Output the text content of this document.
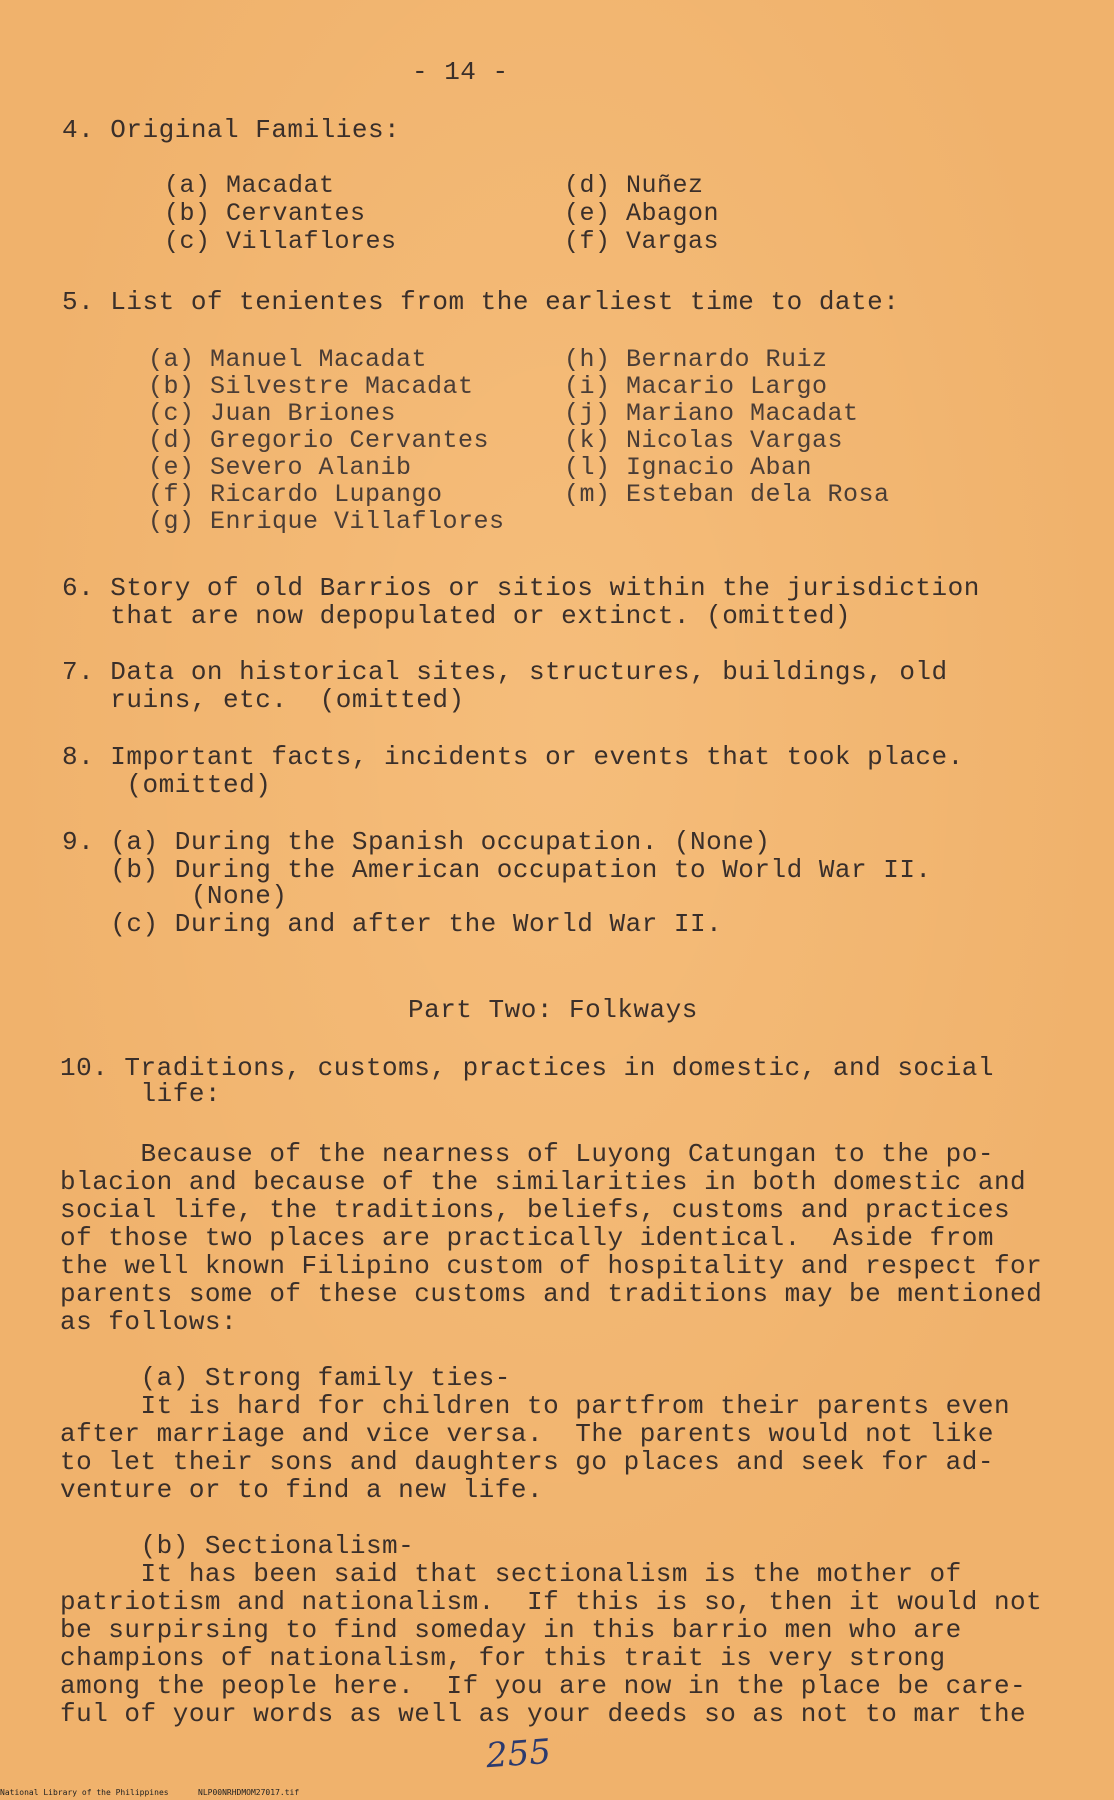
- 14 -
4. Original Families:
(a) Macadat
(b) Cervantes
(c) Villaflores
(d) Nuñez
(e) Abagon
(f) Vargas
5. List of tenientes from the earliest time to date:
(a) Manuel Macadat
(b) Silvestre Macadat
(c) Juan Briones
(d) Gregorio Cervantes
(e) Severo Alanib
(f) Ricardo Lupango
(g) Enrique Villaflores
(h) Bernardo Ruiz
(i) Macario Largo
(j) Mariano Macadat
(k) Nicolas Vargas
(l) Ignacio Aban
(m) Esteban dela Rosa
6. Story of old Barrios or sitios within the jurisdiction
that are now depopulated or extinct. (omitted)
7. Data on historical sites, structures, buildings, old
ruins, etc.  (omitted)
8. Important facts, incidents or events that took place.
(omitted)
9. (a) During the Spanish occupation. (None)
(b) During the American occupation to World War II.
(None)
(c) During and after the World War II.
Part Two: Folkways
10. Traditions, customs, practices in domestic, and social
life:
Because of the nearness of Luyong Catungan to the po-
blacion and because of the similarities in both domestic and
social life, the traditions, beliefs, customs and practices
of those two places are practically identical.  Aside from
the well known Filipino custom of hospitality and respect for
parents some of these customs and traditions may be mentioned
as follows:
(a) Strong family ties-
It is hard for children to partfrom their parents even
after marriage and vice versa.  The parents would not like
to let their sons and daughters go places and seek for ad-
venture or to find a new life.
(b) Sectionalism-
It has been said that sectionalism is the mother of
patriotism and nationalism.  If this is so, then it would not
be surpirsing to find someday in this barrio men who are
champions of nationalism, for this trait is very strong
among the people here.  If you are now in the place be care-
ful of your words as well as your deeds so as not to mar the
255
National Library of the Philippines	NLP00NRHDMOM27017.tif
